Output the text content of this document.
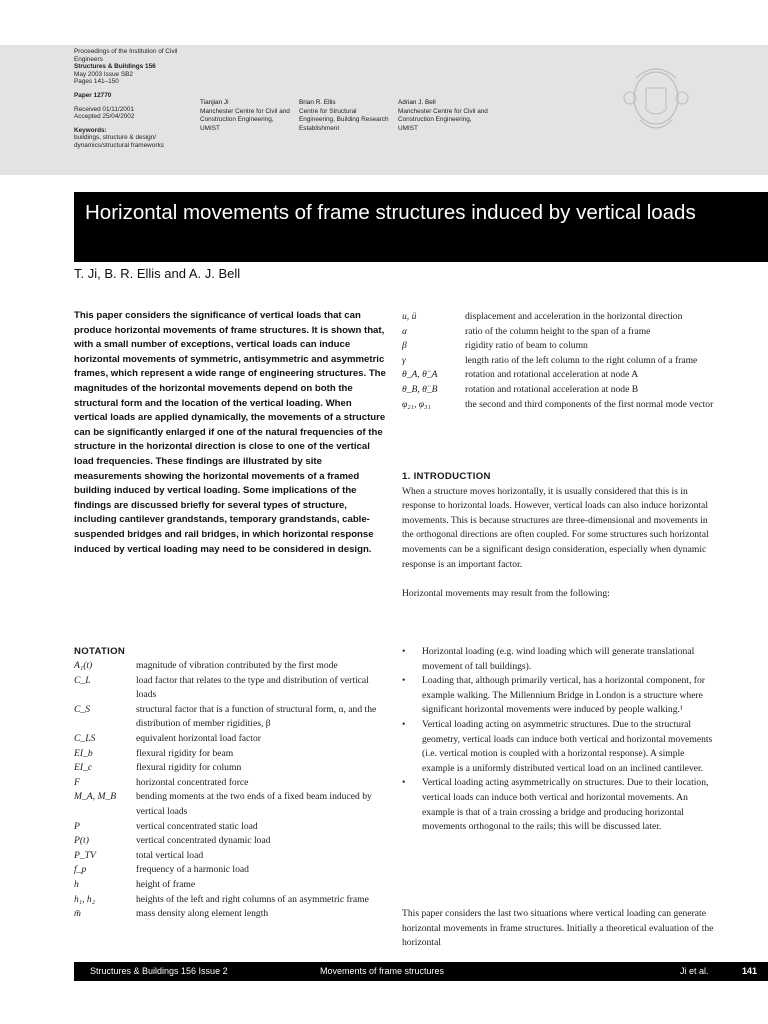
Proceedings of the Institution of Civil Engineers
Structures & Buildings 156
May 2003 Issue SB2
Pages 141–150
Paper 12770
Received 01/11/2001
Accepted 25/04/2002
Keywords:
buildings, structure & design/ dynamics/structural frameworks
Tianjian Ji
Manchester Centre for Civil and Construction Engineering, UMIST
Brian R. Ellis
Centre for Structural Engineering, Building Research Establishment
Adrian J. Bell
Manchester Centre for Civil and Construction Engineering, UMIST
Horizontal movements of frame structures induced by vertical loads
T. Ji, B. R. Ellis and A. J. Bell
This paper considers the significance of vertical loads that can produce horizontal movements of frame structures. It is shown that, with a small number of exceptions, vertical loads can induce horizontal movements of symmetric, antisymmetric and asymmetric frames, which represent a wide range of engineering structures. The magnitudes of the horizontal movements depend on both the structural form and the location of the vertical loading. When vertical loads are applied dynamically, the movements of a structure can be significantly enlarged if one of the natural frequencies of the structure in the horizontal direction is close to one of the vertical load frequencies. These findings are illustrated by site measurements showing the horizontal movements of a framed building induced by vertical loading. Some implications of the findings are discussed briefly for several types of structure, including cantilever grandstands, temporary grandstands, cable-suspended bridges and rail bridges, in which horizontal response induced by vertical loading may need to be considered in design.
NOTATION
A₁(t)	magnitude of vibration contributed by the first mode
C_L	load factor that relates to the type and distribution of vertical loads
C_S	structural factor that is a function of structural form, α, and the distribution of member rigidities, β
C_LS	equivalent horizontal load factor
EI_b	flexural rigidity for beam
EI_c	flexural rigidity for column
F	horizontal concentrated force
M_A, M_B	bending moments at the two ends of a fixed beam induced by vertical loads
P	vertical concentrated static load
P(t)	vertical concentrated dynamic load
P_TV	total vertical load
f_p	frequency of a harmonic load
h	height of frame
h₁, h₂	heights of the left and right columns of an asymmetric frame
m̄	mass density along element length
u, ü	displacement and acceleration in the horizontal direction
α	ratio of the column height to the span of a frame
β	rigidity ratio of beam to column
γ	length ratio of the left column to the right column of a frame
θ_A, θ̈_A	rotation and rotational acceleration at node A
θ_B, θ̈_B	rotation and rotational acceleration at node B
φ₂₁, φ₃₁	the second and third components of the first normal mode vector
1. INTRODUCTION

When a structure moves horizontally, it is usually considered that this is in response to horizontal loads. However, vertical loads can also induce horizontal movements. This is because structures are three-dimensional and movements in the orthogonal directions are often coupled. For some structures such horizontal movements can be a significant design consideration, especially when dynamic response is an important factor.

Horizontal movements may result from the following:

•	Horizontal loading (e.g. wind loading which will generate translational movement of tall buildings).
•	Loading that, although primarily vertical, has a horizontal component, for example walking. The Millennium Bridge in London is a structure where significant horizontal movements were induced by people walking.¹
•	Vertical loading acting on asymmetric structures. Due to the structural geometry, vertical loads can induce both vertical and horizontal movements (i.e. vertical motion is coupled with a horizontal response). A simple example is a uniformly distributed vertical load on an inclined cantilever.
•	Vertical loading acting asymmetrically on structures. Due to their location, vertical loads can induce both vertical and horizontal movements. An example is that of a train crossing a bridge and producing horizontal movements orthogonal to the rails; this will be discussed later.

This paper considers the last two situations where vertical loading can generate horizontal movements in frame structures. Initially a theoretical evaluation of the horizontal

Structures & Buildings 156 Issue 2	Movements of frame structures	Ji et al.	141
